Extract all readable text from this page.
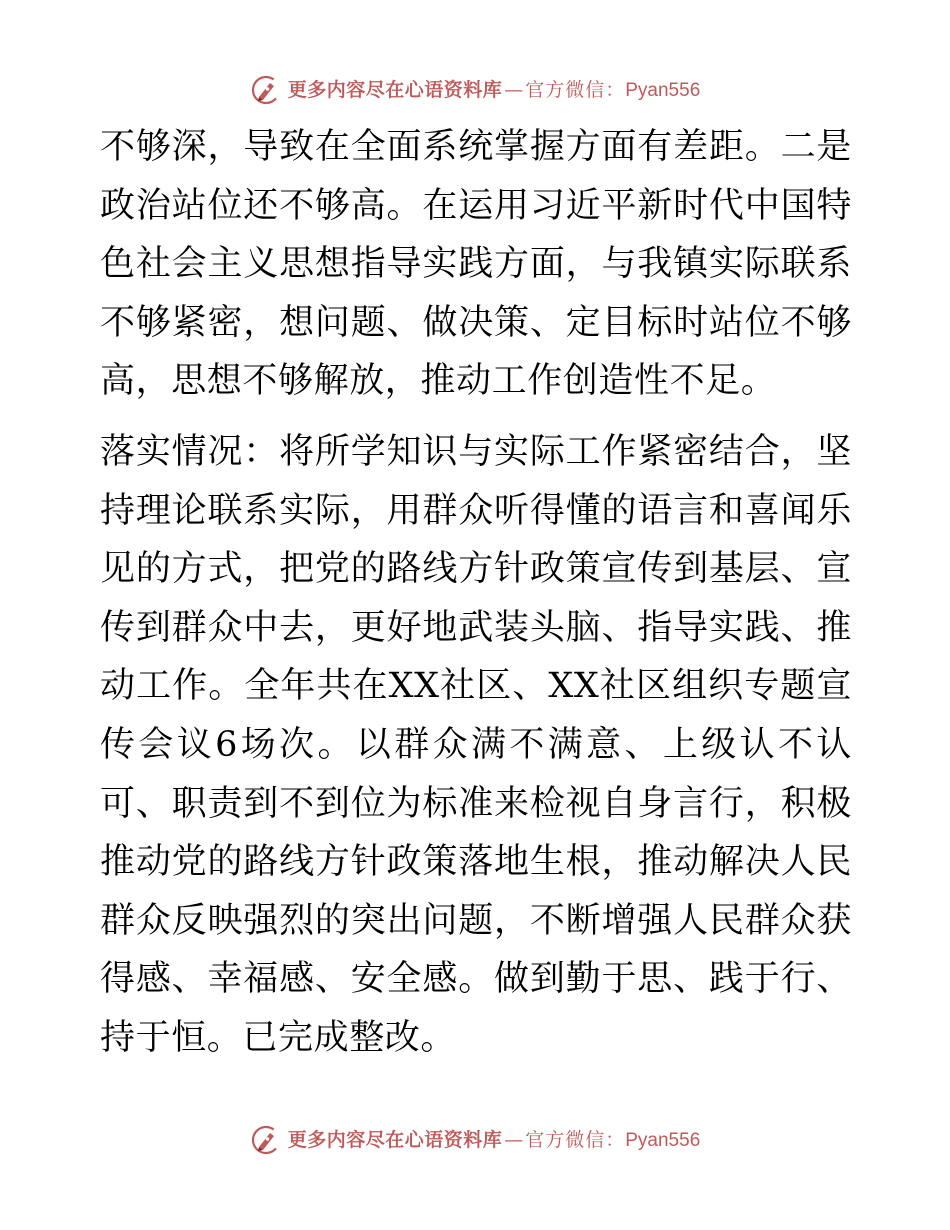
更多内容尽在心语资料库 — 官方微信： Pyan556

不够深，导致在全面系统掌握方面有差距。二是政治站位还不够高。在运用习近平新时代中国特色社会主义思想指导实践方面，与我镇实际联系不够紧密，想问题、做决策、定目标时站位不够高，思想不够解放，推动工作创造性不足。

落实情况：将所学知识与实际工作紧密结合，坚持理论联系实际，用群众听得懂的语言和喜闻乐见的方式，把党的路线方针政策宣传到基层、宣传到群众中去，更好地武装头脑、指导实践、推动工作。全年共在XX社区、XX社区组织专题宣传会议6场次。以群众满不满意、上级认不认可、职责到不到位为标准来检视自身言行，积极推动党的路线方针政策落地生根，推动解决人民群众反映强烈的突出问题，不断增强人民群众获得感、幸福感、安全感。做到勤于思、践于行、持于恒。已完成整改。

更多内容尽在心语资料库 — 官方微信： Pyan556
